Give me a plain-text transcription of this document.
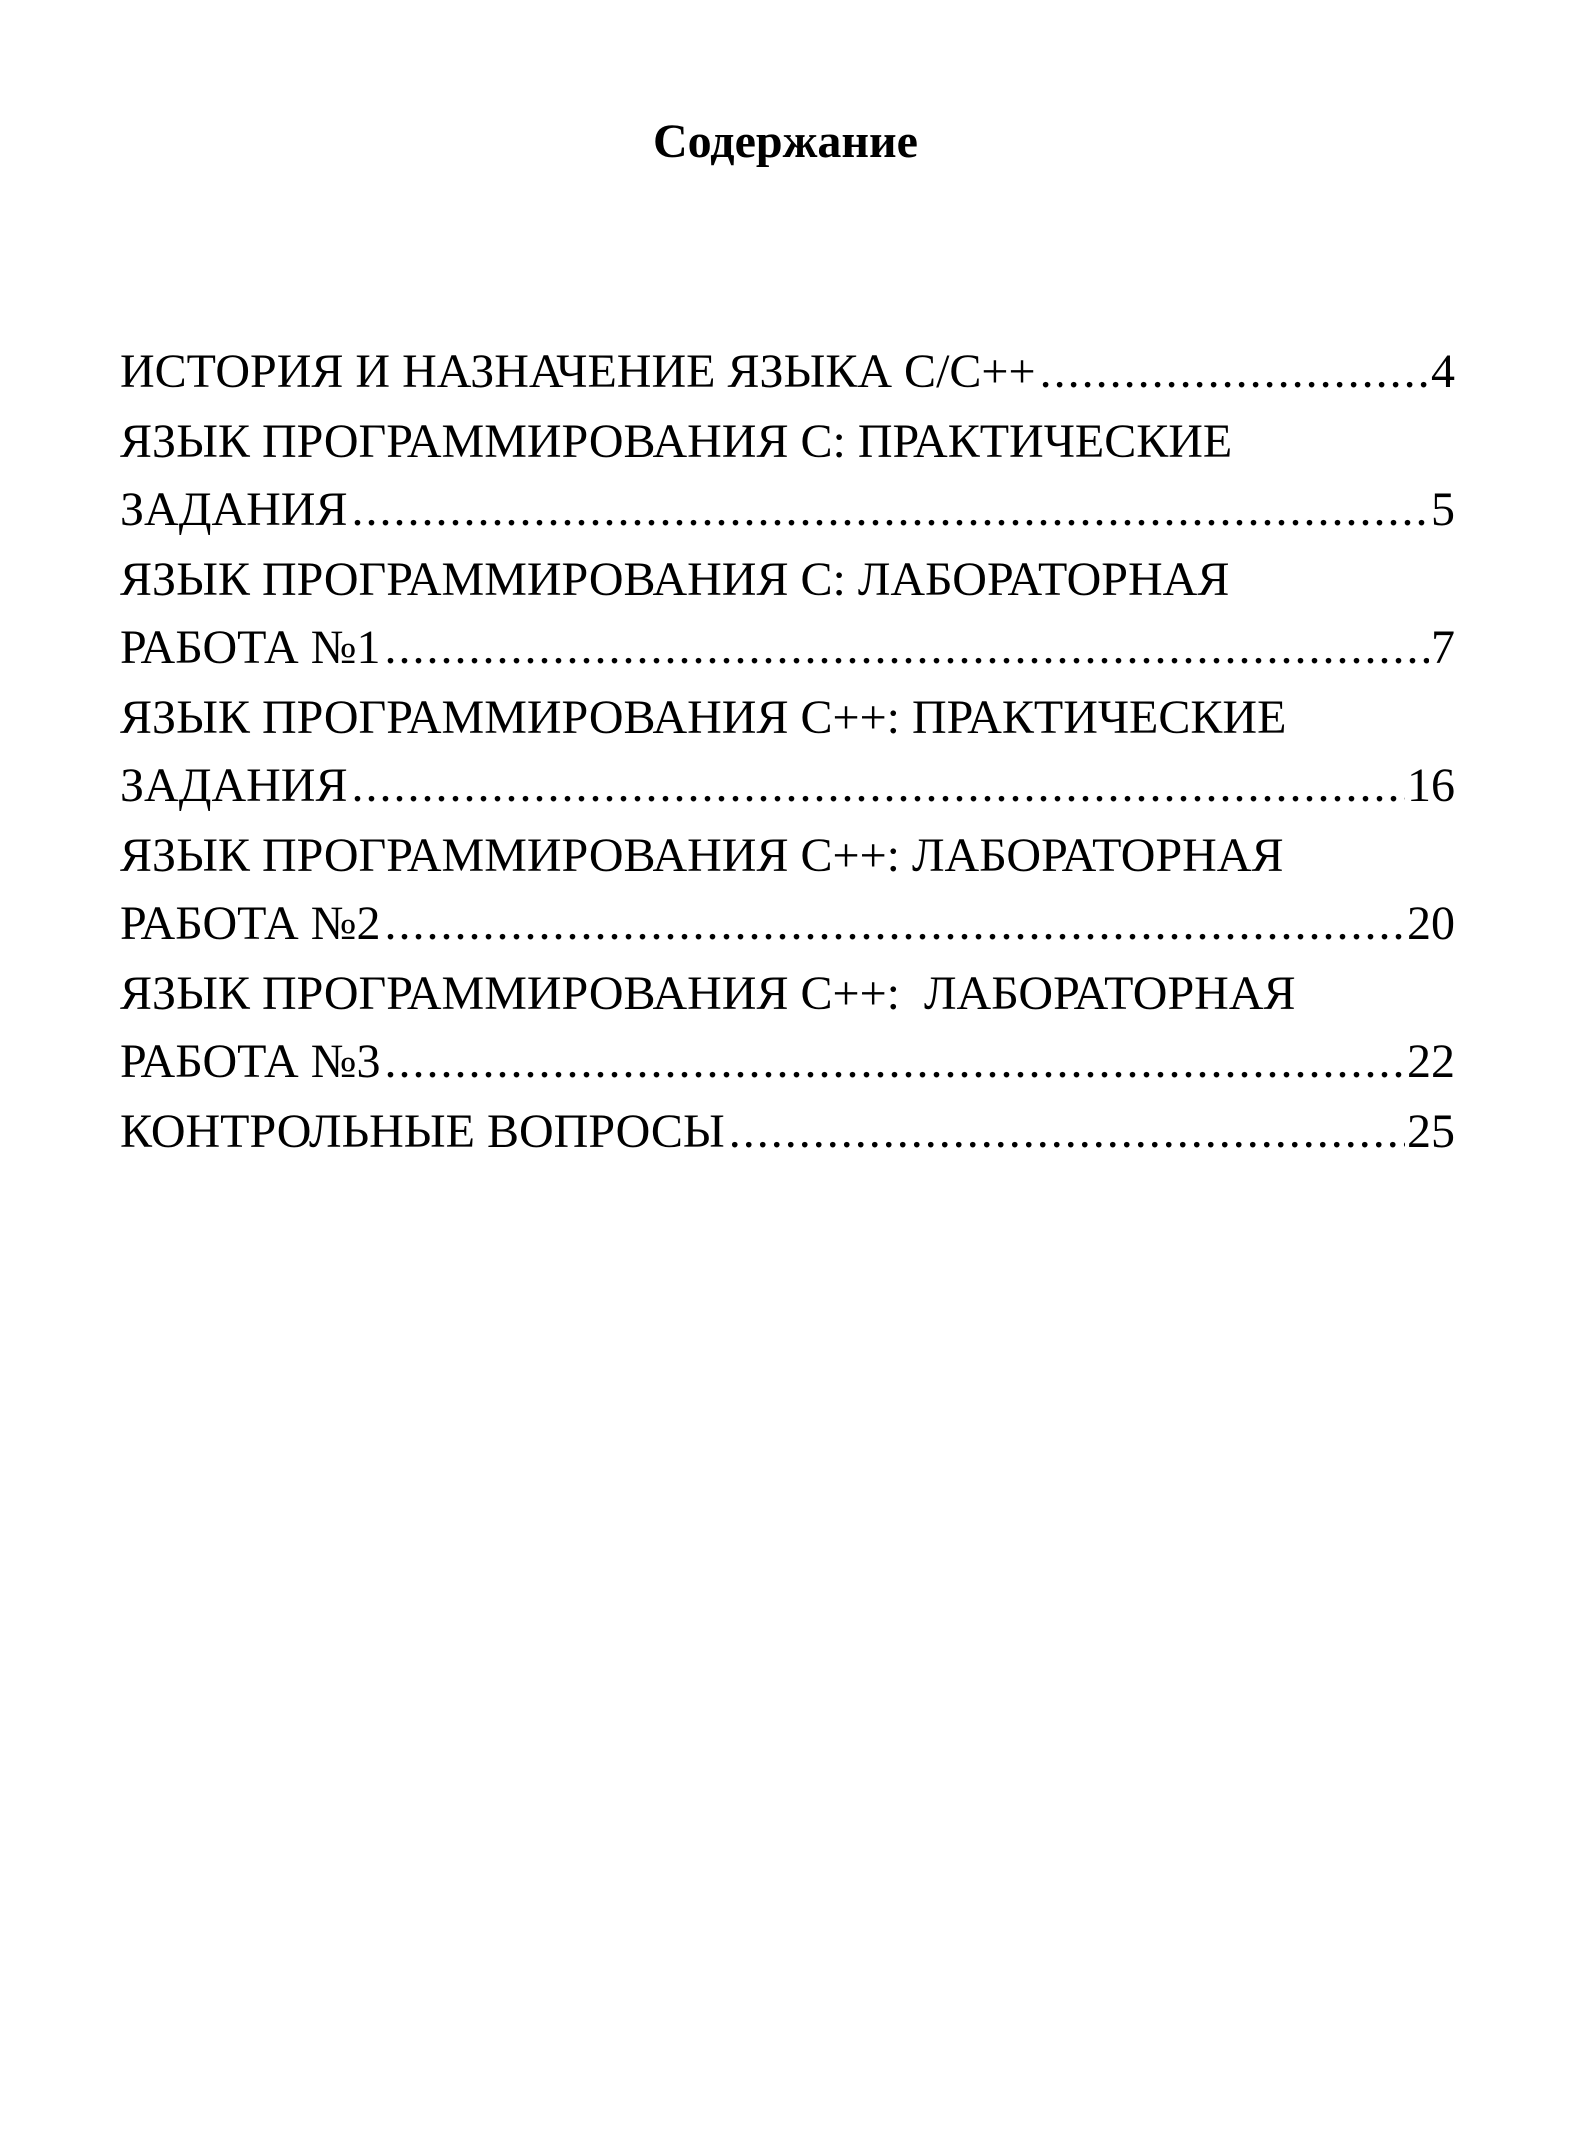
Содержание
ИСТОРИЯ И НАЗНАЧЕНИЕ ЯЗЫКА С/С++ .....	4
ЯЗЫК ПРОГРАММИРОВАНИЯ С: ПРАКТИЧЕСКИЕ
ЗАДАНИЯ .....	5
ЯЗЫК ПРОГРАММИРОВАНИЯ С: ЛАБОРАТОРНАЯ
РАБОТА №1 .....	7
ЯЗЫК ПРОГРАММИРОВАНИЯ С++: ПРАКТИЧЕСКИЕ
ЗАДАНИЯ .....	16
ЯЗЫК ПРОГРАММИРОВАНИЯ С++: ЛАБОРАТОРНАЯ
РАБОТА №2 .....	20
ЯЗЫК ПРОГРАММИРОВАНИЯ С++:  ЛАБОРАТОРНАЯ
РАБОТА №3 .....	22
КОНТРОЛЬНЫЕ ВОПРОСЫ .....	25
